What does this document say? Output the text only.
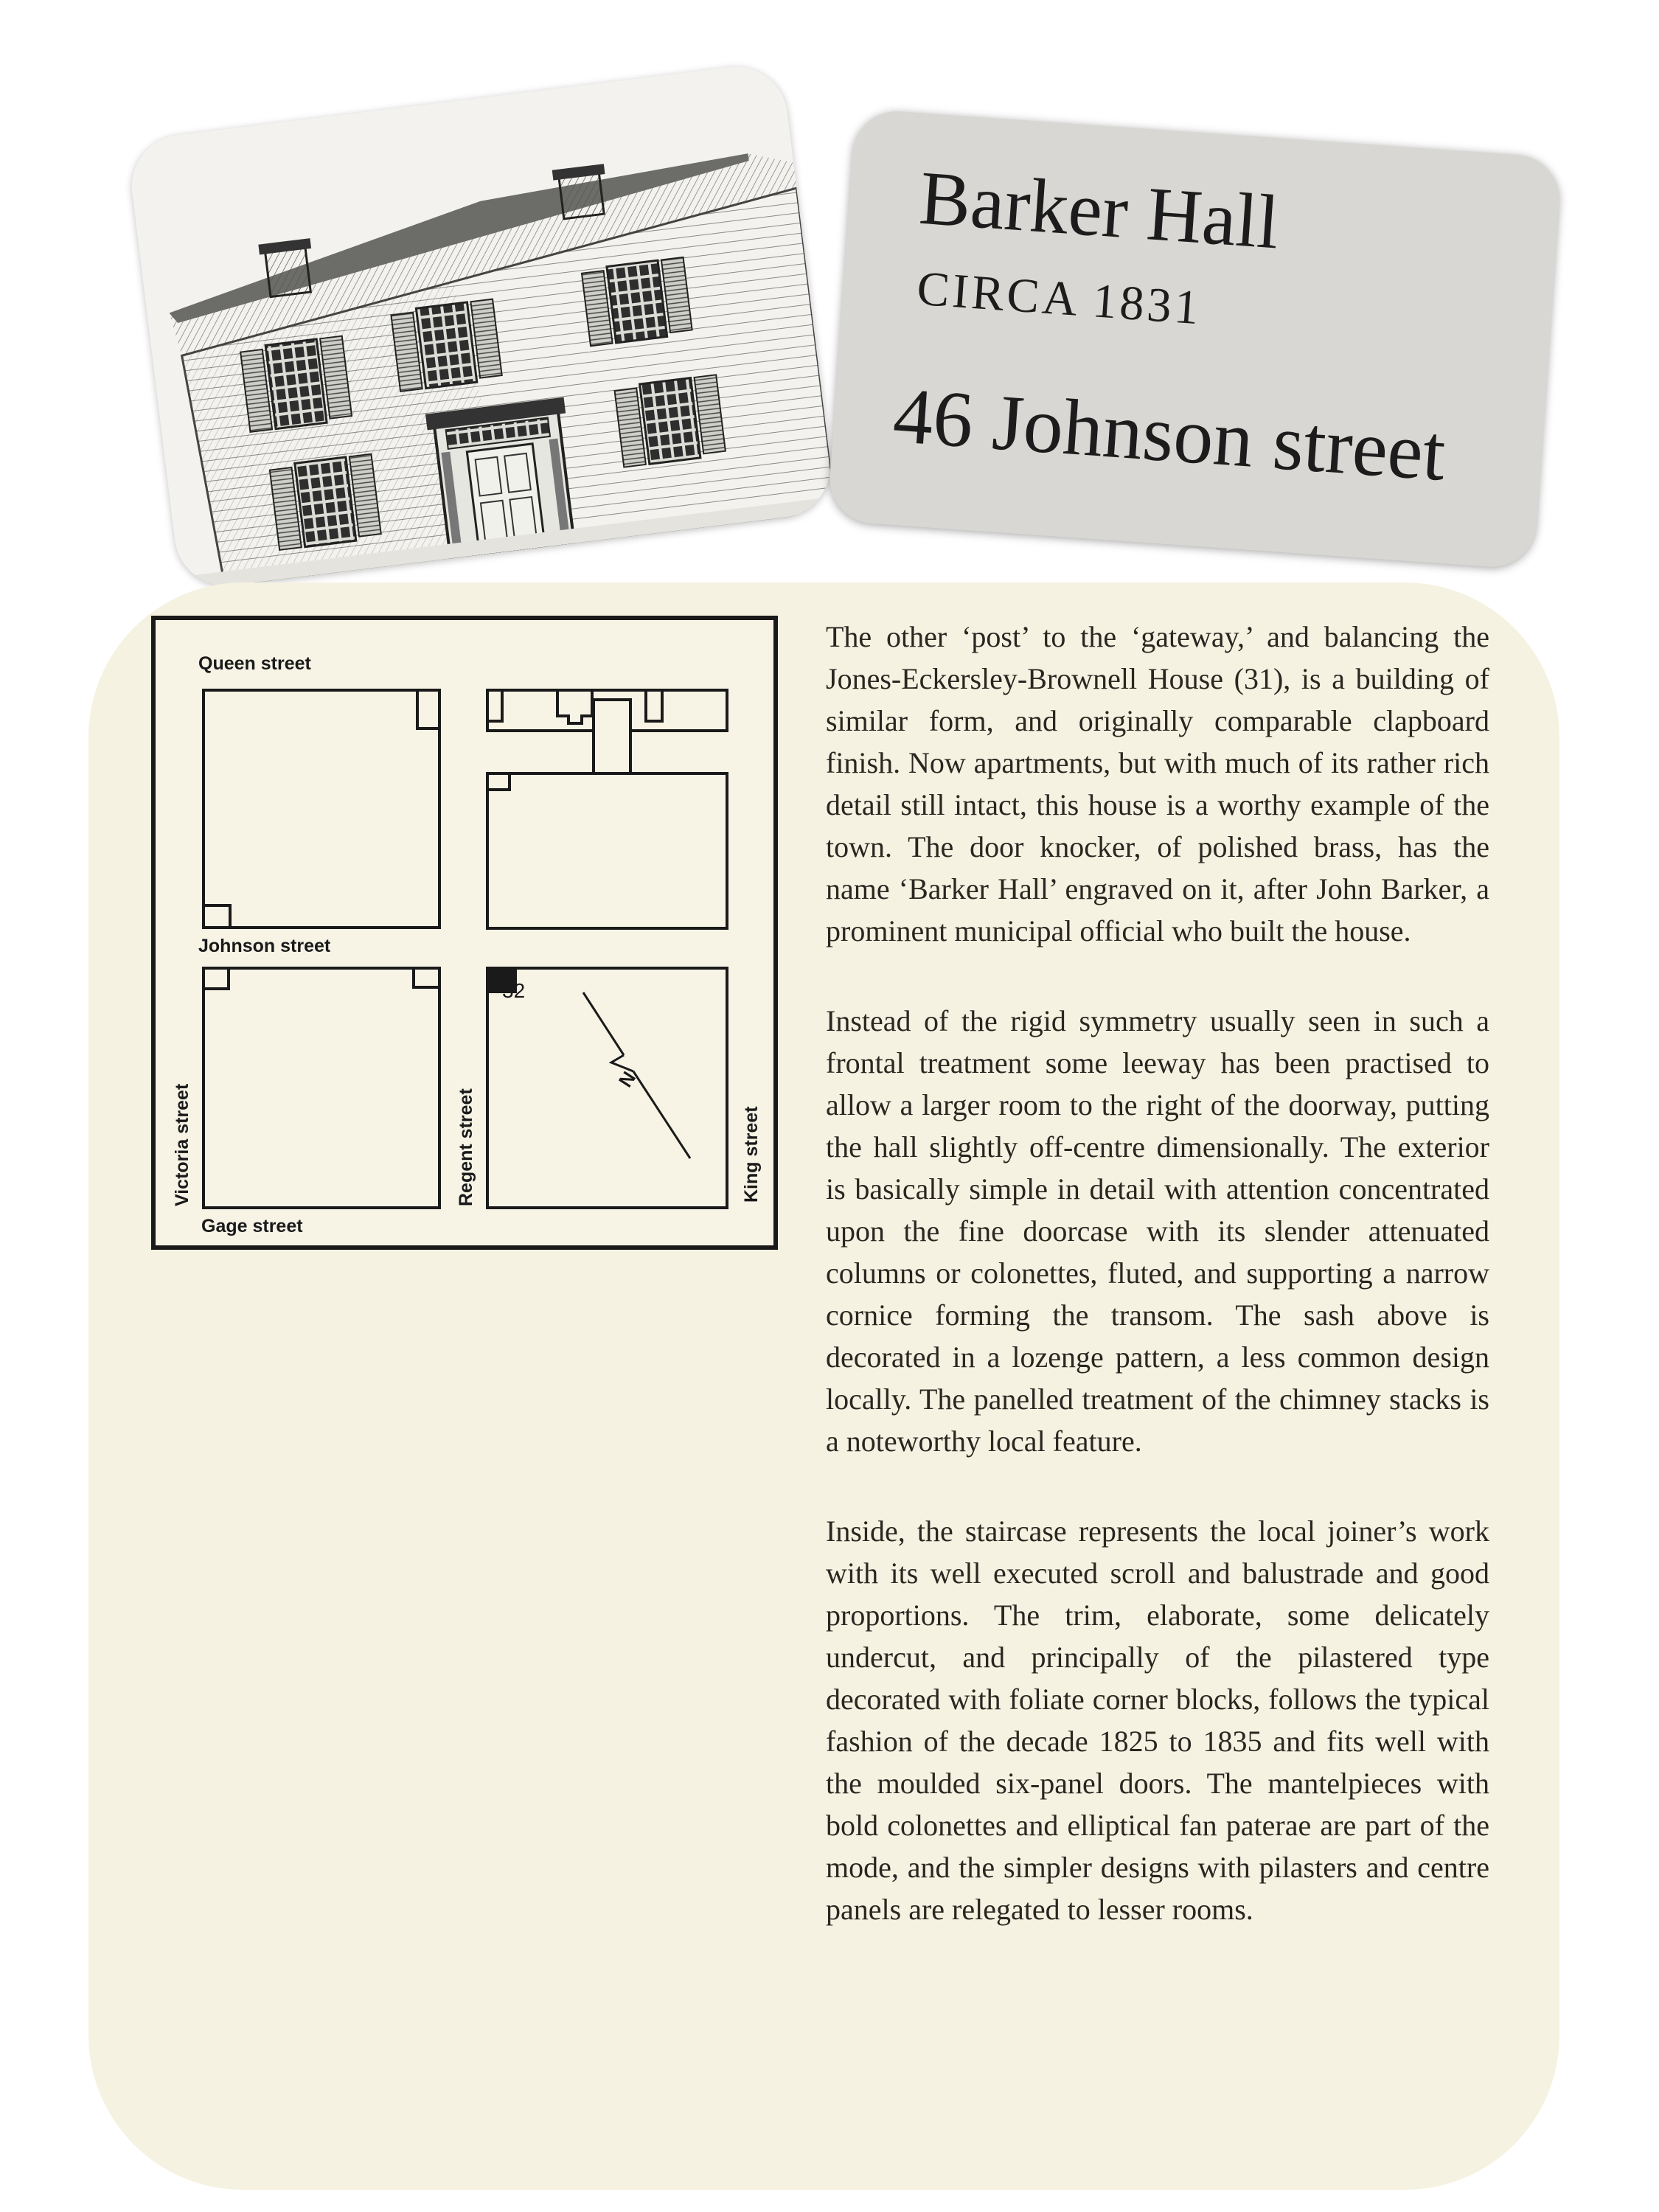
Barker Hall
CIRCA 1831
46 Johnson street
N
Queen street
Johnson street
Gage street
Victoria street	Regent street	King street
32

The other ‘post’ to the ‘gateway,’ and balancing the Jones-Eckersley-Brownell House (31), is a building of similar form, and originally comparable clapboard finish. Now apartments, but with much of its rather rich detail still intact, this house is a worthy example of the town. The door knocker, of polished brass, has the name ‘Barker Hall’ engraved on it, after John Barker, a prominent municipal official who built the house.

Instead of the rigid symmetry usually seen in such a frontal treatment some leeway has been practised to allow a larger room to the right of the doorway, putting the hall slightly off-centre dimensionally. The exterior is basically simple in detail with attention concentrated upon the fine doorcase with its slender attenuated columns or colonettes, fluted, and supporting a narrow cornice forming the transom. The sash above is decorated in a lozenge pattern, a less common design locally. The panelled treatment of the chimney stacks is a noteworthy local feature.

Inside, the staircase represents the local joiner’s work with its well executed scroll and balustrade and good proportions. The trim, elaborate, some delicately undercut, and principally of the pilastered type decorated with foliate corner blocks, follows the typical fashion of the decade 1825 to 1835 and fits well with the moulded six-panel doors. The mantelpieces with bold colonettes and elliptical fan paterae are part of the mode, and the simpler designs with pilasters and centre panels are relegated to lesser rooms.
